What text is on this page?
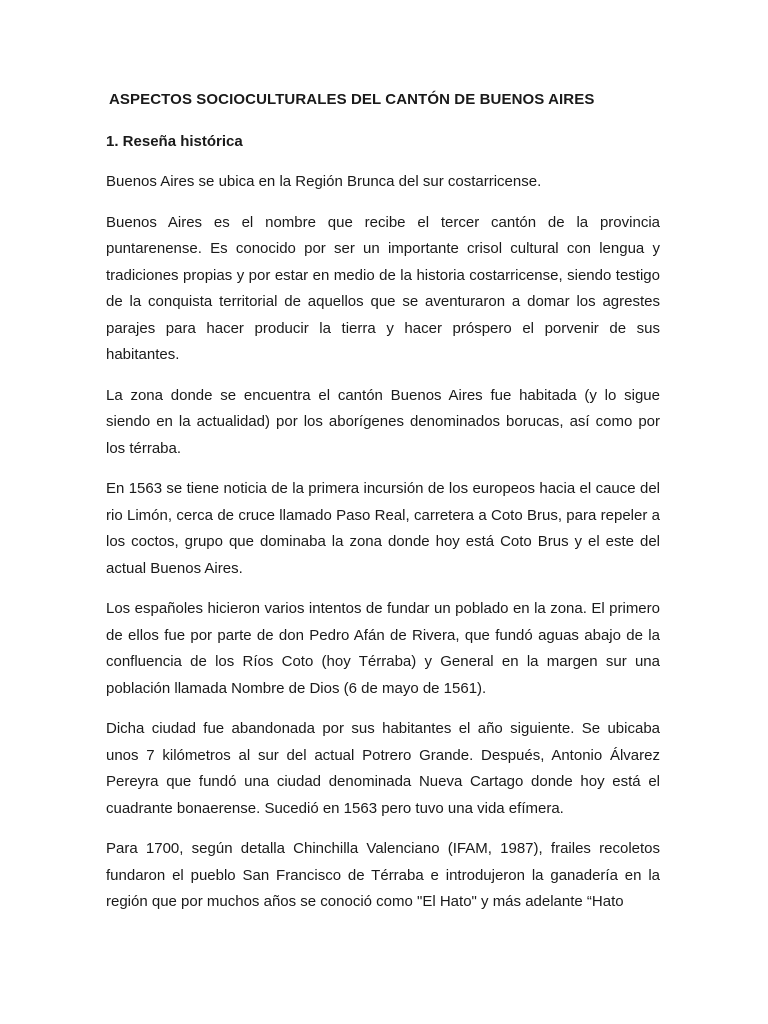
ASPECTOS SOCIOCULTURALES DEL CANTÓN DE BUENOS AIRES
1. Reseña histórica

Buenos Aires se ubica en la Región Brunca del sur costarricense.

Buenos Aires es el nombre que recibe el tercer cantón de la provincia puntarenense. Es conocido por ser un importante crisol cultural con lengua y tradiciones propias y por estar en medio de la historia costarricense, siendo testigo de la conquista territorial de aquellos que se aventuraron a domar los agrestes parajes para hacer producir la tierra y hacer próspero el porvenir de sus habitantes.

La zona donde se encuentra el cantón Buenos Aires fue habitada (y lo sigue siendo en la actualidad) por los aborígenes denominados borucas, así como por los térraba.

En 1563 se tiene noticia de la primera incursión de los europeos hacia el cauce del rio Limón, cerca de cruce llamado Paso Real, carretera a Coto Brus, para repeler a los coctos, grupo que dominaba la zona donde hoy está Coto Brus y el este del actual Buenos Aires.

Los españoles hicieron varios intentos de fundar un poblado en la zona. El primero de ellos fue por parte de don Pedro Afán de Rivera, que fundó aguas abajo de la confluencia de los Ríos Coto (hoy Térraba) y General en la margen sur una población llamada Nombre de Dios (6 de mayo de 1561).

Dicha ciudad fue abandonada por sus habitantes el año siguiente. Se ubicaba unos 7 kilómetros al sur del actual Potrero Grande. Después, Antonio Álvarez Pereyra que fundó una ciudad denominada Nueva Cartago donde hoy está el cuadrante bonaerense. Sucedió en 1563 pero tuvo una vida efímera.

Para 1700, según detalla Chinchilla Valenciano (IFAM, 1987), frailes recoletos fundaron el pueblo San Francisco de Térraba e introdujeron la ganadería en la región que por muchos años se conoció como "El Hato" y más adelante “Hato
